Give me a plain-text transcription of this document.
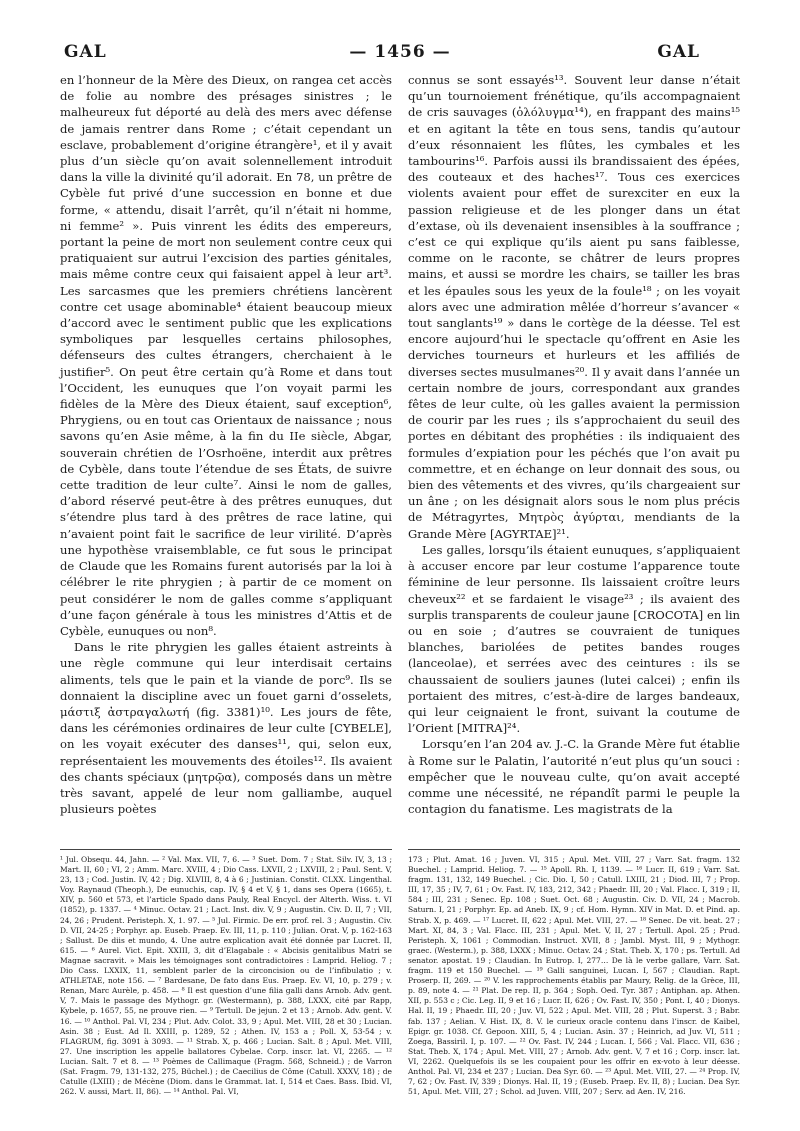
GAL	— 1456 —	GAL

en l’honneur de la Mère des Dieux, on rangea cet accès de folie au nombre des présages sinistres ; le malheureux fut déporté au delà des mers avec défense de jamais rentrer dans Rome ; c’était cependant un esclave, probablement d’origine étrangère¹, et il y avait plus d’un siècle qu’on avait solennellement introduit dans la ville la divinité qu’il adorait. En 78, un prêtre de Cybèle fut privé d’une succession en bonne et due forme, « attendu, disait l’arrêt, qu’il n’était ni homme, ni femme² ». Puis vinrent les édits des empereurs, portant la peine de mort non seulement contre ceux qui pratiquaient sur autrui l’excision des parties génitales, mais même contre ceux qui faisaient appel à leur art³. Les sarcasmes que les premiers chrétiens lancèrent contre cet usage abominable⁴ étaient beaucoup mieux d’accord avec le sentiment public que les explications symboliques par lesquelles certains philosophes, défenseurs des cultes étrangers, cherchaient à le justifier⁵. On peut être certain qu’à Rome et dans tout l’Occident, les eunuques que l’on voyait parmi les fidèles de la Mère des Dieux étaient, sauf exception⁶, Phrygiens, ou en tout cas Orientaux de naissance ; nous savons qu’en Asie même, à la fin du IIe siècle, Abgar, souverain chrétien de l’Osrhoëne, interdit aux prêtres de Cybèle, dans toute l’étendue de ses États, de suivre cette tradition de leur culte⁷. Ainsi le nom de galles, d’abord réservé peut-être à des prêtres eunuques, dut s’étendre plus tard à des prêtres de race latine, qui n’avaient point fait le sacrifice de leur virilité. D’après une hypothèse vraisemblable, ce fut sous le principat de Claude que les Romains furent autorisés par la loi à célébrer le rite phrygien ; à partir de ce moment on peut considérer le nom de galles comme s’appliquant d’une façon générale à tous les ministres d’Attis et de Cybèle, eunuques ou non⁸.

Dans le rite phrygien les galles étaient astreints à une règle commune qui leur interdisait certains aliments, tels que le pain et la viande de porc⁹. Ils se donnaient la discipline avec un fouet garni d’osselets, μάστιξ ἀστραγαλωτή (fig. 3381)¹⁰. Les jours de fête, dans les cérémonies ordinaires de leur culte [CYBELE], on les voyait exécuter des danses¹¹, qui, selon eux, représentaient les mouvements des étoiles¹². Ils avaient des chants spéciaux (μητρῷα), composés dans un mètre très savant, appelé de leur nom galliambe, auquel plusieurs poètes

¹ Jul. Obsequ. 44, Jahn. — ² Val. Max. VII, 7, 6. — ³ Suet. Dom. 7 ; Stat. Silv. IV, 3, 13 ; Mart. II, 60 ; VI, 2 ; Amm. Marc. XVIII, 4 ; Dio Cass. LXVII, 2 ; LXVIII, 2 ; Paul. Sent. V, 23, 13 ; Cod. Justin. IV, 42 ; Dig. XLVIII, 8, 4 à 6 ; Justinian. Constit. CLXX. Lingenthal. Voy. Raynaud (Theoph.), De eunuchis, cap. IV, § 4 et V, § 1, dans ses Opera (1665), t. XIV, p. 560 et 573, et l’article Spado dans Pauly, Real Encycl. der Alterth. Wiss. t. VI (1852), p. 1337. — ⁴ Minuc. Octav. 21 ; Lact. Inst. div. V, 9 ; Augustin. Civ. D. II, 7 ; VII, 24, 26 ; Prudent. Peristeph. X, 1. 97. — ⁵ Jul. Firmic. De err. prof. rel. 3 ; Augustin. Civ. D. VII, 24-25 ; Porphyr. ap. Euseb. Praep. Ev. III, 11, p. 110 ; Julian. Orat. V, p. 162-163 ; Sallust. De diis et mundo, 4. Une autre explication avait été donnée par Lucret. II, 615. — ⁶ Aurel. Vict. Epit. XXIII, 3, dit d’Elagabale : « Abcisis genitalibus Matri se Magnae sacravit. » Mais les témoignages sont contradictoires : Lamprid. Heliog. 7 ; Dio Cass. LXXIX, 11, semblent parler de la circoncision ou de l’infibulatio ; v. ATHLETAE, note 156. — ⁷ Bardesane, De fato dans Eus. Praep. Ev. VI, 10, p. 279 ; v. Renan, Marc Aurèle, p. 458. — ⁸ Il est question d’une filia galli dans Arnob. Adv. gent. V, 7. Mais le passage des Mythogr. gr. (Westermann), p. 388, LXXX, cité par Rapp, Kybele, p. 1657, 55, ne prouve rien. — ⁹ Tertull. De jejun. 2 et 13 ; Arnob. Adv. gent. V. 16. — ¹⁰ Anthol. Pal. VI, 234 ; Plut. Adv. Colot. 33, 9 ; Apul. Met. VIII, 28 et 30 ; Lucian. Asin. 38 ; Eust. Ad Il. XXIII, p. 1289, 52 ; Athen. IV, 153 a ; Poll. X, 53-54 ; v. FLAGRUM, fig. 3091 à 3093. — ¹¹ Strab. X, p. 466 ; Lucian. Salt. 8 ; Apul. Met. VIII, 27. Une inscription les appelle ballatores Cybelae. Corp. inscr. lat. VI, 2265. — ¹² Lucian. Salt. 7 et 8. — ¹³ Poèmes de Callimaque (Fragm. 568, Schneid.) ; de Varron (Sat. Fragm. 79, 131-132, 275, Büchel.) ; de Caecilius de Côme (Catull. XXXV, 18) ; de Catulle (LXIII) ; de Mécène (Diom. dans le Grammat. lat. I, 514 et Caes. Bass. Ibid. VI, 262. V. aussi, Mart. II, 86). — ¹⁴ Anthol. Pal. VI,

connus se sont essayés¹³. Souvent leur danse n’était qu’un tournoiement frénétique, qu’ils accompagnaient de cris sauvages (ὀλόλυγμα¹⁴), en frappant des mains¹⁵ et en agitant la tête en tous sens, tandis qu’autour d’eux résonnaient les flûtes, les cymbales et les tambourins¹⁶. Parfois aussi ils brandissaient des épées, des couteaux et des haches¹⁷. Tous ces exercices violents avaient pour effet de surexciter en eux la passion religieuse et de les plonger dans un état d’extase, où ils devenaient insensibles à la souffrance ; c’est ce qui explique qu’ils aient pu sans faiblesse, comme on le raconte, se châtrer de leurs propres mains, et aussi se mordre les chairs, se tailler les bras et les épaules sous les yeux de la foule¹⁸ ; on les voyait alors avec une admiration mêlée d’horreur s’avancer « tout sanglants¹⁹ » dans le cortège de la déesse. Tel est encore aujourd’hui le spectacle qu’offrent en Asie les derviches tourneurs et hurleurs et les affiliés de diverses sectes musulmanes²⁰. Il y avait dans l’année un certain nombre de jours, correspondant aux grandes fêtes de leur culte, où les galles avaient la permission de courir par les rues ; ils s’approchaient du seuil des portes en débitant des prophéties : ils indiquaient des formules d’expiation pour les péchés que l’on avait pu commettre, et en échange on leur donnait des sous, ou bien des vêtements et des vivres, qu’ils chargeaient sur un âne ; on les désignait alors sous le nom plus précis de Métragyrtes, Μητρὸς ἀγύρται, mendiants de la Grande Mère [AGYRTAE]²¹.

Les galles, lorsqu’ils étaient eunuques, s’appliquaient à accuser encore par leur costume l’apparence toute féminine de leur personne. Ils laissaient croître leurs cheveux²² et se fardaient le visage²³ ; ils avaient des surplis transparents de couleur jaune [CROCOTA] en lin ou en soie ; d’autres se couvraient de tuniques blanches, bariolées de petites bandes rouges (lanceolae), et serrées avec des ceintures : ils se chaussaient de souliers jaunes (lutei calcei) ; enfin ils portaient des mitres, c’est-à-dire de larges bandeaux, qui leur ceignaient le front, suivant la coutume de l’Orient [MITRA]²⁴.

Lorsqu’en l’an 204 av. J.-C. la Grande Mère fut établie à Rome sur le Palatin, l’autorité n’eut plus qu’un souci : empêcher que le nouveau culte, qu’on avait accepté comme une nécessité, ne répandît parmi le peuple la contagion du fanatisme. Les magistrats de la

173 ; Plut. Amat. 16 ; Juven. VI, 315 ; Apul. Met. VIII, 27 ; Varr. Sat. fragm. 132 Buechel. ; Lamprid. Heliog. 7. — ¹⁵ Apoll. Rh. I, 1139. — ¹⁶ Lucr. II, 619 ; Varr. Sat. fragm. 131, 132, 149 Buechel. ; Cic. Dio. I, 50 ; Catull. LXIII, 21 ; Diod. III, 7 ; Prop. III, 17, 35 ; IV, 7, 61 ; Ov. Fast. IV, 183, 212, 342 ; Phaedr. III, 20 ; Val. Flacc. I, 319 ; II, 584 ; III, 231 ; Senec. Ep. 108 ; Suet. Oct. 68 ; Augustin. Civ. D. VII, 24 ; Macrob. Saturn. I, 21 ; Porphyr. Ep. ad Aneb. IX, 9 ; cf. Hom. Hymn. XIV in Mat. D. et Pind. ap. Strab. X, p. 469. — ¹⁷ Lucret. II, 622 ; Apul. Met. VIII, 27. — ¹⁸ Senec. De vit. beat. 27 ; Mart. XI, 84, 3 ; Val. Flacc. III, 231 ; Apul. Met. V, II, 27 ; Tertull. Apol. 25 ; Prud. Peristeph. X, 1061 ; Commodian. Instruct. XVII, 8 ; Jambl. Myst. III, 9 ; Mythogr. graec. (Westerm.), p. 388, LXXX ; Minuc. Octav. 24 ; Stat. Theb. X, 170 ; ps. Tertull. Ad senator. apostat. 19 ; Claudian. In Eutrop. I, 277… De là le verbe gallare, Varr. Sat. fragm. 119 et 150 Buechel. — ¹⁹ Galli sanguinei, Lucan. I, 567 ; Claudian. Rapt. Proserp. II, 269. — ²⁰ V. les rapprochements établis par Maury, Relig. de la Grèce, III, p. 89, note 4. — ²¹ Plat. De rep. II, p. 364 ; Soph. Oed. Tyr. 387 ; Antiphan. ap. Athen. XII, p. 553 c ; Cic. Leg. II, 9 et 16 ; Lucr. II, 626 ; Ov. Fast. IV, 350 ; Pont. I, 40 ; Dionys. Hal. II, 19 ; Phaedr. III, 20 ; Juv. VI, 522 ; Apul. Met. VIII, 28 ; Plut. Superst. 3 ; Babr. fab. 137 ; Aelian. V. Hist. IX, 8. V. le curieux oracle contenu dans l’inscr. de Kaibel, Epigr. gr. 1038. Cf. Gepoon. XIII, 5, 4 ; Lucian. Asin. 37 ; Heinrich, ad Juv. VI, 511 ; Zoega, Bassiril. I, p. 107. — ²² Ov. Fast. IV, 244 ; Lucan. I, 566 ; Val. Flacc. VII, 636 ; Stat. Theb. X, 174 ; Apul. Met. VIII, 27 ; Arnob. Adv. gent. V, 7 et 16 ; Corp. inscr. lat. VI, 2262. Quelquefois ils se les coupaient pour les offrir en ex-voto à leur déesse. Anthol. Pal. VI, 234 et 237 ; Lucian. Dea Syr. 60. — ²³ Apul. Met. VIII, 27. — ²⁴ Prop. IV, 7, 62 ; Ov. Fast. IV, 339 ; Dionys. Hal. II, 19 ; (Euseb. Praep. Ev. II, 8) ; Lucian. Dea Syr. 51, Apul. Met. VIII, 27 ; Schol. ad Juven. VIII, 207 ; Serv. ad Aen. IV, 216.
